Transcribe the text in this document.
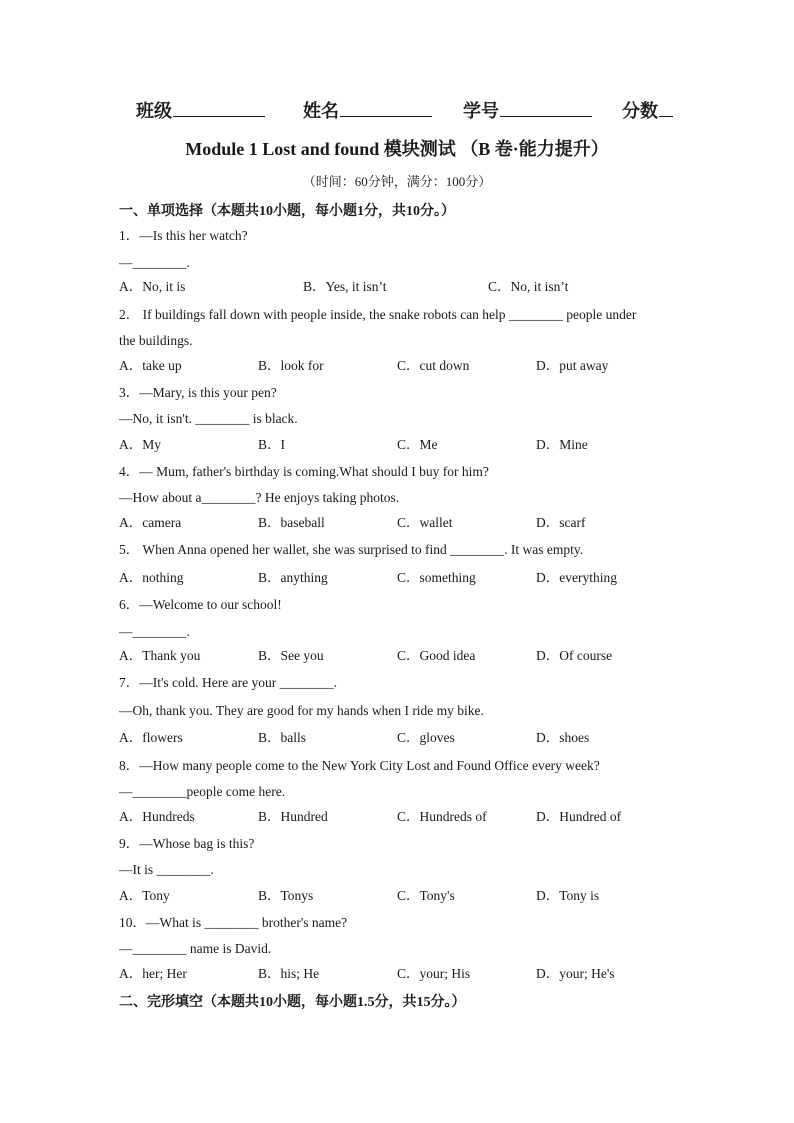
班级	姓名	学号	分数
Module 1 Lost and found 模块测试 （B 卷·能力提升）
（时间：60分钟，满分：100分）
一、单项选择（本题共10小题，每小题1分，共10分。）
1．—Is this her watch?
—________.
A．No, it is	B．Yes, it isn’t	C．No, it isn’t
2． If buildings fall down with people inside, the snake robots can help ________ people under
the buildings.
A．take up	B．look for	C．cut down	D．put away
3．—Mary, is this your pen?
—No, it isn't. ________ is black.
A．My	B．I	C．Me	D．Mine
4．— Mum, father's birthday is coming.What should I buy for him?
—How about a________? He enjoys taking photos.
A．camera	B．baseball	C．wallet	D．scarf
5． When Anna opened her wallet, she was surprised to find ________. It was empty.
A．nothing	B．anything	C．something	D．everything
6．—Welcome to our school!
—________.
A．Thank you	B．See you	C．Good idea	D．Of course
7．—It's cold. Here are your ________.
—Oh, thank you. They are good for my hands when I ride my bike.
A．flowers	B．balls	C．gloves	D．shoes
8．—How many people come to the New York City Lost and Found Office every week?
—________people come here.
A．Hundreds	B．Hundred	C．Hundreds of	D．Hundred of
9．—Whose bag is this?
—It is ________.
A．Tony	B．Tonys	C．Tony's	D．Tony is
10．—What is ________ brother's name?
—________ name is David.
A．her; Her	B．his; He	C．your; His	D．your; He's
二、完形填空（本题共10小题，每小题1.5分，共15分。）
